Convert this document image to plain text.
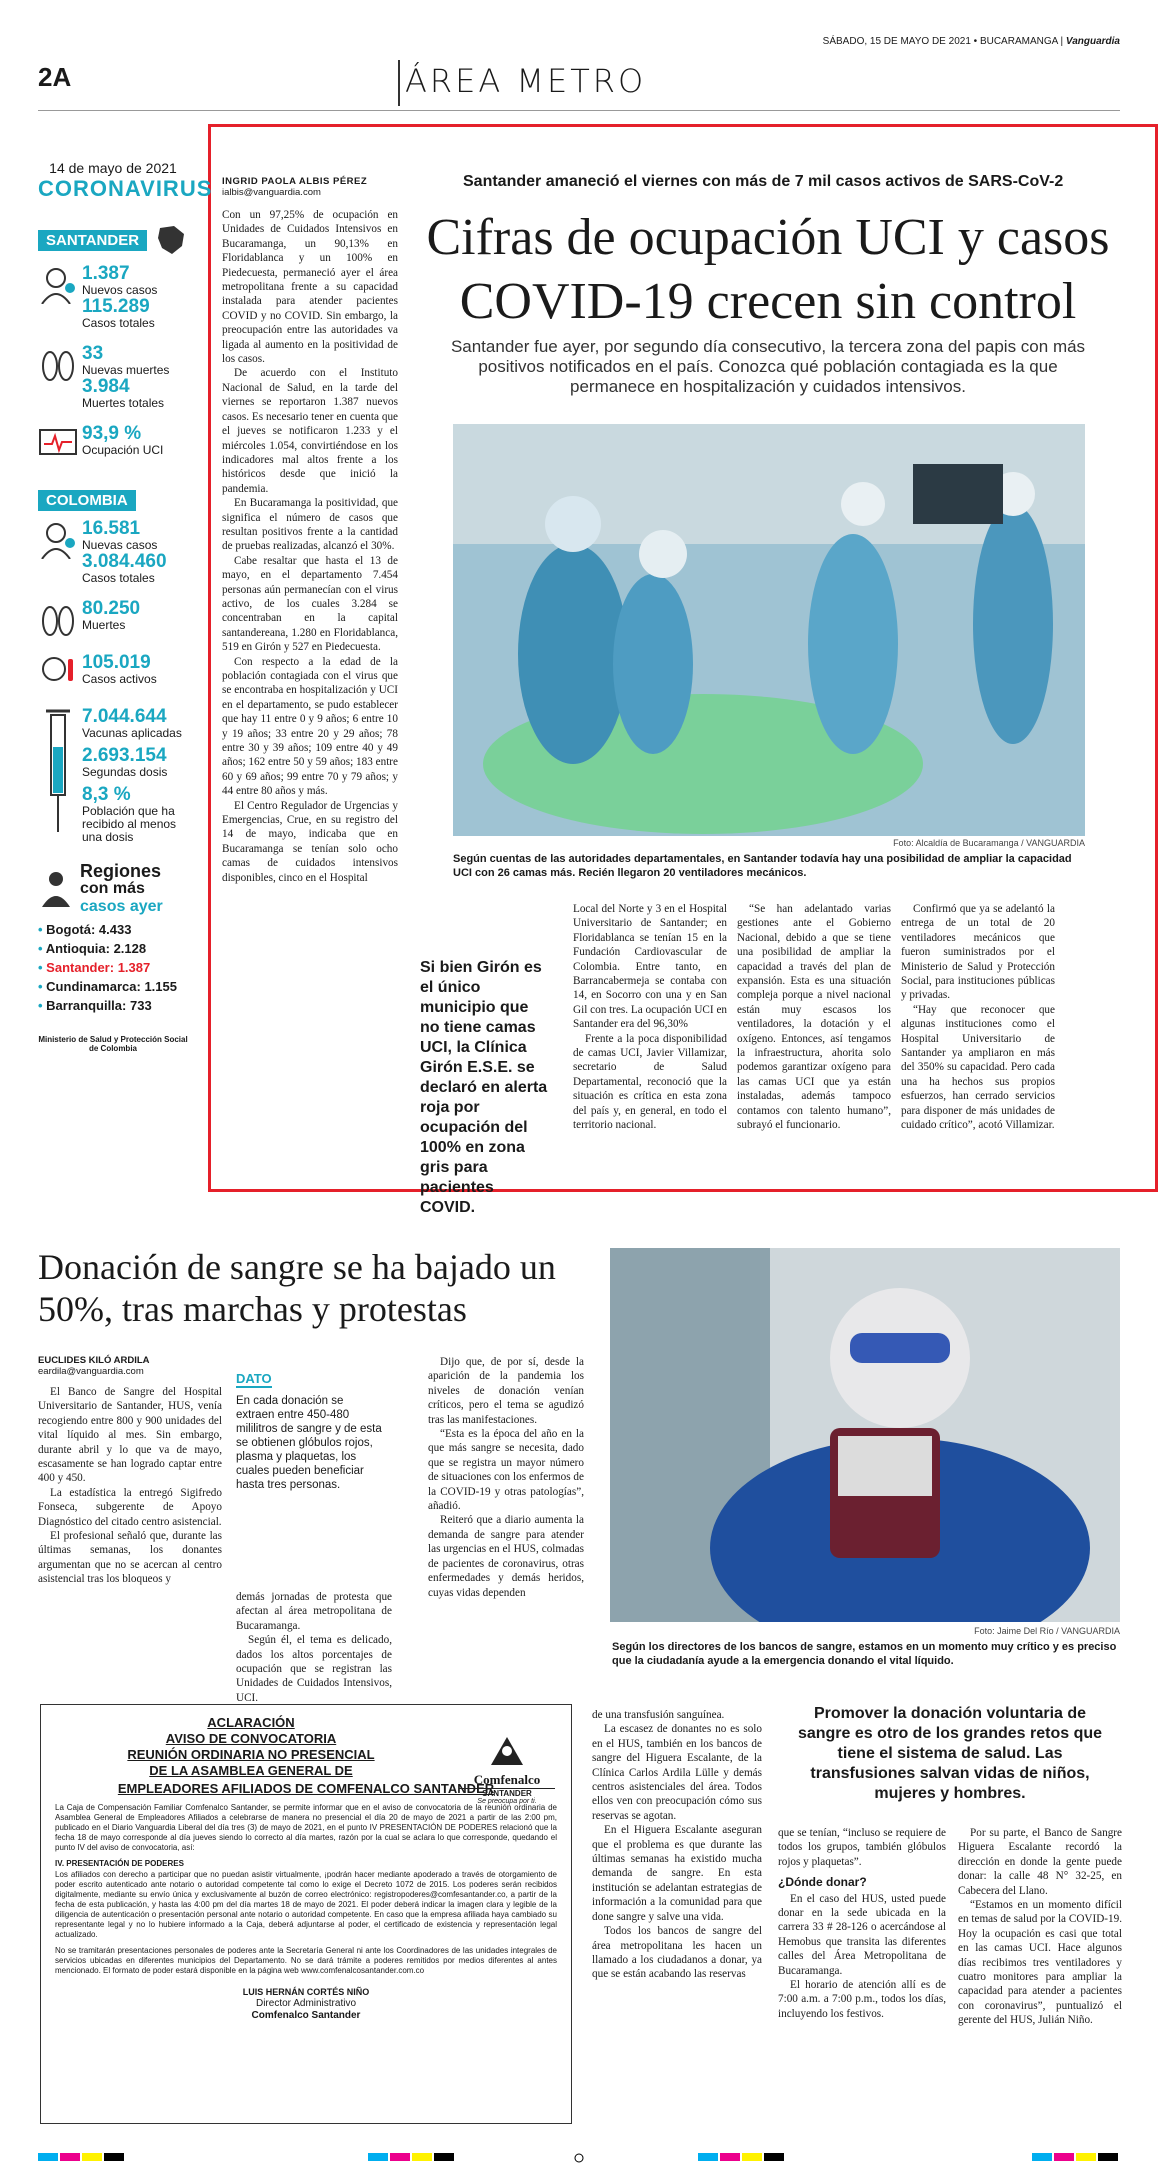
SÁBADO, 15 DE MAYO DE 2021 • BUCARAMANGA | Vanguardia
2A	ÁREA METRO
14 de mayo de 2021
CORONAVIRUS
SANTANDER
1.387
Nuevos casos
115.289
Casos totales
33
Nuevas muertes
3.984
Muertes totales
93,9 %
Ocupación UCI
COLOMBIA
16.581
Nuevas casos
3.084.460
Casos totales
80.250
Muertes
105.019
Casos activos
7.044.644
Vacunas aplicadas
2.693.154
Segundas dosis
8,3 %
Población que ha recibido al menos una dosis
Regiones
con más
casos ayer
• Bogotá: 4.433
• Antioquia: 2.128
• Santander: 1.387
• Cundinamarca: 1.155
• Barranquilla: 733
Ministerio de Salud y Protección Social de Colombia
INGRID PAOLA ALBIS PÉREZ
ialbis@vanguardia.com
Santander amaneció el viernes con más de 7 mil casos activos de SARS-CoV-2
Cifras de ocupación UCI y casos COVID-19 crecen sin control
Santander fue ayer, por segundo día consecutivo, la tercera zona del papis con más positivos notificados en el país. Conozca qué población contagiada es la que permanece en hospitalización y cuidados intensivos.

Con un 97,25% de ocupación en Unidades de Cuidados Intensivos en Bucaramanga, un 90,13% en Floridablanca y un 100% en Piedecuesta, permaneció ayer el área metropolitana frente a su capacidad instalada para atender pacientes COVID y no COVID. Sin embargo, la preocupación entre las autoridades va ligada al aumento en la positividad de los casos.

De acuerdo con el Instituto Nacional de Salud, en la tarde del viernes se reportaron 1.387 nuevos casos. Es necesario tener en cuenta que el jueves se notificaron 1.233 y el miércoles 1.054, convirtiéndose en los indicadores mal altos frente a los históricos desde que inició la pandemia.

En Bucaramanga la positividad, que significa el número de casos que resultan positivos frente a la cantidad de pruebas realizadas, alcanzó el 30%.

Cabe resaltar que hasta el 13 de mayo, en el departamento 7.454 personas aún permanecían con el virus activo, de los cuales 3.284 se concentraban en la capital santandereana, 1.280 en Floridablanca, 519 en Girón y 527 en Piedecuesta.

Con respecto a la edad de la población contagiada con el virus que se encontraba en hospitalización y UCI en el departamento, se pudo establecer que hay 11 entre 0 y 9 años; 6 entre 10 y 19 años; 33 entre 20 y 29 años; 78 entre 30 y 39 años; 109 entre 40 y 49 años; 162 entre 50 y 59 años; 183 entre 60 y 69 años; 99 entre 70 y 79 años; y 44 entre 80 años y más.

El Centro Regulador de Urgencias y Emergencias, Crue, en su registro del 14 de mayo, indicaba que en Bucaramanga se tenían solo ocho camas de cuidados intensivos disponibles, cinco en el Hospital

Foto: Alcaldía de Bucaramanga / VANGUARDIA
Según cuentas de las autoridades departamentales, en Santander todavía hay una posibilidad de ampliar la capacidad UCI con 26 camas más. Recién llegaron 20 ventiladores mecánicos.
Si bien Girón es el único municipio que no tiene camas UCI, la Clínica Girón E.S.E. se declaró en alerta roja por ocupación del 100% en zona gris para pacientes COVID.

Local del Norte y 3 en el Hospital Universitario de Santander; en Floridablanca se tenían 15 en la Fundación Cardiovascular de Colombia. Entre tanto, en Barrancabermeja se contaba con 14, en Socorro con una y en San Gil con tres. La ocupación UCI en Santander era del 96,30%

Frente a la poca disponibilidad de camas UCI, Javier Villamizar, secretario de Salud Departamental, reconoció que la situación es crítica en esta zona del país y, en general, en todo el territorio nacional.

“Se han adelantado varias gestiones ante el Gobierno Nacional, debido a que se tiene una posibilidad de ampliar la capacidad a través del plan de expansión. Esta es una situación compleja porque a nivel nacional están muy escasos los ventiladores, la dotación y el oxígeno. Entonces, así tengamos la infraestructura, ahorita solo podemos garantizar oxígeno para las camas UCI que ya están instaladas, además tampoco contamos con talento humano”, subrayó el funcionario.

Confirmó que ya se adelantó la entrega de un total de 20 ventiladores mecánicos que fueron suministrados por el Ministerio de Salud y Protección Social, para instituciones públicas y privadas.

“Hay que reconocer que algunas instituciones como el Hospital Universitario de Santander ya ampliaron en más del 350% su capacidad. Pero cada una ha hechos sus propios esfuerzos, han cerrado servicios para disponer de más unidades de cuidado crítico”, acotó Villamizar.

Donación de sangre se ha bajado un 50%, tras marchas y protestas
EUCLIDES KILÓ ARDILA
eardila@vanguardia.com

El Banco de Sangre del Hospital Universitario de Santander, HUS, venía recogiendo entre 800 y 900 unidades del vital líquido al mes. Sin embargo, durante abril y lo que va de mayo, escasamente se han logrado captar entre 400 y 450.

La estadística la entregó Sigifredo Fonseca, subgerente de Apoyo Diagnóstico del citado centro asistencial.

El profesional señaló que, durante las últimas semanas, los donantes argumentan que no se acercan al centro asistencial tras los bloqueos y

DATO
En cada donación se extraen entre 450-480 mililitros de sangre y de esta se obtienen glóbulos rojos, plasma y plaquetas, los cuales pueden beneficiar hasta tres personas.

demás jornadas de protesta que afectan al área metropolitana de Bucaramanga.

Según él, el tema es delicado, dados los altos porcentajes de ocupación que se registran las Unidades de Cuidados Intensivos, UCI.

Dijo que, de por sí, desde la aparición de la pandemia los niveles de donación venían críticos, pero el tema se agudizó tras las manifestaciones.

“Esta es la época del año en la que más sangre se necesita, dado que se registra un mayor número de situaciones con los enfermos de la COVID-19 y otras patologías”, añadió.

Reiteró que a diario aumenta la demanda de sangre para atender las urgencias en el HUS, colmadas de pacientes de coronavirus, otras enfermedades y demás heridos, cuyas vidas dependen

Foto: Jaime Del Río / VANGUARDIA
Según los directores de los bancos de sangre, estamos en un momento muy crítico y es preciso que la ciudadanía ayude a la emergencia donando el vital líquido.
Promover la donación voluntaria de sangre es otro de los grandes retos que tiene el sistema de salud. Las transfusiones salvan vidas de niños, mujeres y hombres.

de una transfusión sanguínea.

La escasez de donantes no es solo en el HUS, también en los bancos de sangre del Higuera Escalante, de la Clínica Carlos Ardila Lülle y demás centros asistenciales del área. Todos ellos ven con preocupación cómo sus reservas se agotan.

En el Higuera Escalante aseguran que el problema es que durante las últimas semanas ha existido mucha demanda de sangre. En esta institución se adelantan estrategias de información a la comunidad para que done sangre y salve una vida.

Todos los bancos de sangre del área metropolitana les hacen un llamado a los ciudadanos a donar, ya que se están acabando las reservas

que se tenían, “incluso se requiere de todos los grupos, también glóbulos rojos y plaquetas”.

¿Dónde donar?

En el caso del HUS, usted puede donar en la sede ubicada en la carrera 33 # 28-126 o acercándose al Hemobus que transita las diferentes calles del Área Metropolitana de Bucaramanga.

El horario de atención allí es de 7:00 a.m. a 7:00 p.m., todos los días, incluyendo los festivos.

Por su parte, el Banco de Sangre Higuera Escalante recordó la dirección en donde la gente puede donar: la calle 48 N° 32-25, en Cabecera del Llano.

“Estamos en un momento difícil en temas de salud por la COVID-19. Hoy la ocupación es casi que total en las camas UCI. Hace algunos días recibimos tres ventiladores y cuatro monitores para ampliar la capacidad para atender a pacientes con coronavirus”, puntualizó el gerente del HUS, Julián Niño.

ACLARACIÓN
AVISO DE CONVOCATORIA
REUNIÓN ORDINARIA NO PRESENCIAL
DE LA ASAMBLEA GENERAL DE
EMPLEADORES AFILIADOS DE COMFENALCO SANTANDER
Comfenalco
SANTANDER
Se preocupa por ti.
La Caja de Compensación Familiar Comfenalco Santander, se permite informar que en el aviso de convocatoria de la reunión ordinaria de Asamblea General de Empleadores Afiliados a celebrarse de manera no presencial el día 20 de mayo de 2021 a partir de las 2:00 pm, publicado en el Diario Vanguardia Liberal del día tres (3) de mayo de 2021, en el punto IV PRESENTACIÓN DE PODERES relacionó que la fecha 18 de mayo corresponde al día jueves siendo lo correcto al día martes, razón por la cual se aclara lo que corresponde, quedando el punto IV del aviso de convocatoria, así:
IV. PRESENTACIÓN DE PODERES
Los afiliados con derecho a participar que no puedan asistir virtualmente, ¡podrán hacer mediante apoderado a través de otorgamiento de poder escrito autenticado ante notario o autoridad competente tal como lo exige el Decreto 1072 de 2015. Los poderes serán recibidos digitalmente, mediante su envío única y exclusivamente al buzón de correo electrónico: registropoderes@comfesantander.co, a partir de la fecha de esta publicación, y hasta las 4:00 pm del día martes 18 de mayo de 2021. El poder deberá indicar la imagen clara y legible de la diligencia de autenticación o presentación personal ante notario o autoridad competente. En caso que la empresa afiliada haya cambiado su representante legal y no lo hubiere informado a la Caja, deberá adjuntarse al poder, el certificado de existencia y representación legal actualizado.
No se tramitarán presentaciones personales de poderes ante la Secretaría General ni ante los Coordinadores de las unidades integrales de servicios ubicadas en diferentes municipios del Departamento. No se dará trámite a poderes remitidos por medios diferentes al antes mencionado. El formato de poder estará disponible en la página web www.comfenalcosantander.com.co
LUIS HERNÁN CORTÉS NIÑO
Director Administrativo
Comfenalco Santander
